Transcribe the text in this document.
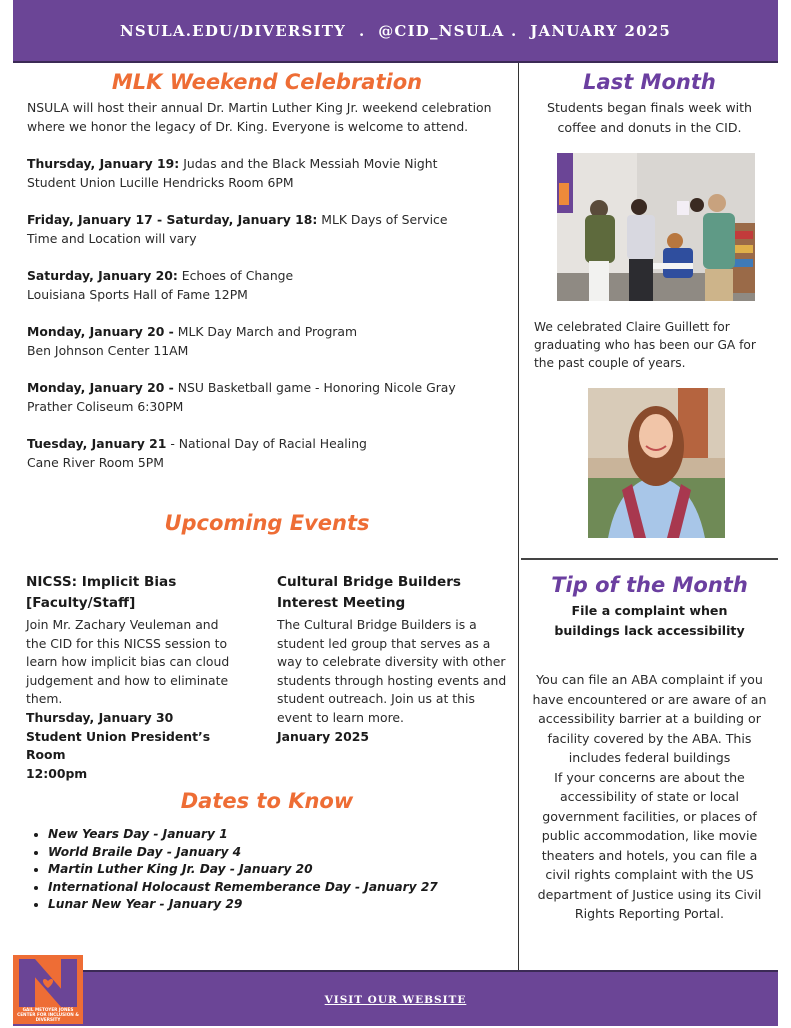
NSULA.EDU/DIVERSITY . @CID_NSULA . JANUARY 2025
MLK Weekend Celebration

NSULA will host their annual Dr. Martin Luther King Jr. weekend celebration where we honor the legacy of Dr. King. Everyone is welcome to attend.

Thursday, January 19: Judas and the Black Messiah Movie Night
Student Union Lucille Hendricks Room 6PM

Friday, January 17 - Saturday, January 18: MLK Days of Service
Time and Location will vary

Saturday, January 20: Echoes of Change
Louisiana Sports Hall of Fame 12PM

Monday, January 20 - MLK Day March and Program
Ben Johnson Center 11AM

Monday, January 20 - NSU Basketball game - Honoring Nicole Gray
Prather Coliseum 6:30PM

Tuesday, January 21 - National Day of Racial Healing
Cane River Room 5PM

Upcoming Events

NICSS: Implicit Bias [Faculty/Staff]

Join Mr. Zachary Veuleman and the CID for this NICSS session to learn how implicit bias can cloud judgement and how to eliminate them.

Thursday, January 30

Student Union President’s Room

12:00pm

Cultural Bridge Builders Interest Meeting

The Cultural Bridge Builders is a student led group that serves as a way to celebrate diversity with other students through hosting events and student outreach. Join us at this event to learn more.

January 2025

Dates to Know
• New Years Day - January 1
• World Braile Day - January 4
• Martin Luther King Jr. Day - January 20
• International Holocaust Rememberance Day - January 27
• Lunar New Year - January 29
Last Month

Students began finals week with coffee and donuts in the CID.

We celebrated Claire Guillett for graduating who has been our GA for the past couple of years.

Tip of the Month

File a complaint when buildings lack accessibility

You can file an ABA complaint if you have encountered or are aware of an accessibility barrier at a building or facility covered by the ABA. This includes federal buildings

If your concerns are about the accessibility of state or local government facilities, or places of public accommodation, like movie theaters and hotels, you can file a civil rights complaint with the US department of Justice using its Civil Rights Reporting Portal.

VISIT OUR WEBSITE
GAIL METOYER JONES CENTER FOR INCLUSION & DIVERSITY
